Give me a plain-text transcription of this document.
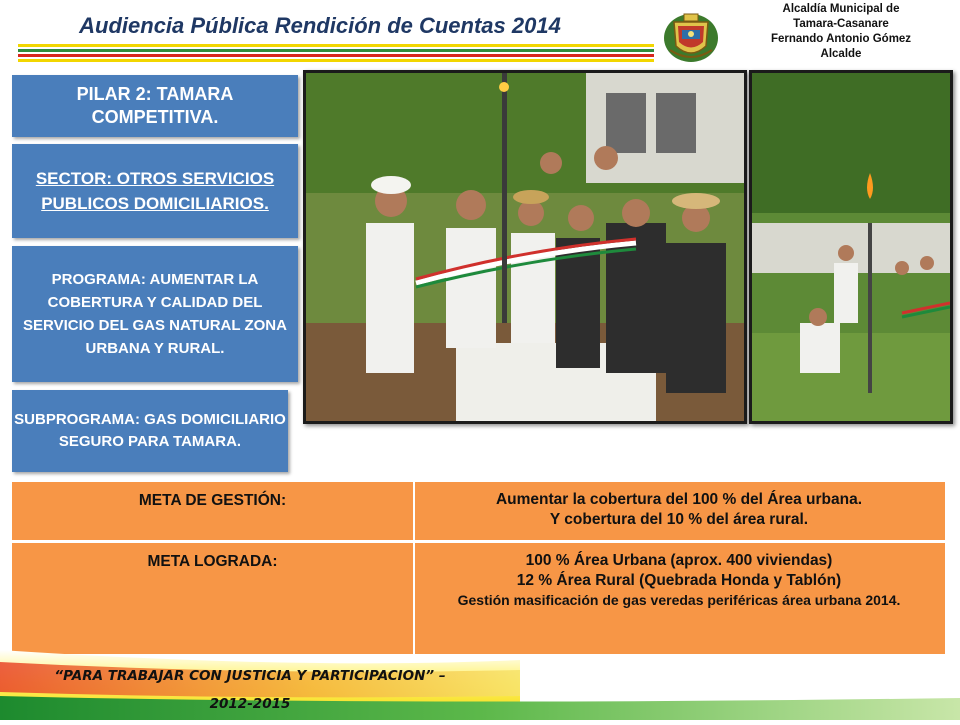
Audiencia Pública Rendición de Cuentas 2014
Alcaldía Municipal de
Tamara-Casanare
Fernando Antonio Gómez
Alcalde
PILAR 2: TAMARA COMPETITIVA.
SECTOR: OTROS SERVICIOS PUBLICOS DOMICILIARIOS.
PROGRAMA: AUMENTAR LA COBERTURA Y CALIDAD DEL SERVICIO DEL GAS NATURAL ZONA URBANA Y RURAL.
SUBPROGRAMA: GAS DOMICILIARIO SEGURO PARA TAMARA.
META DE GESTIÓN:	Aumentar la cobertura del 100 % del Área urbana.
Y cobertura del 10 % del área rural.
META LOGRADA:	100 % Área Urbana (aprox. 400 viviendas)
12 % Área Rural (Quebrada Honda y Tablón)
Gestión masificación de gas veredas periféricas área urbana 2014.
“PARA TRABAJAR CON JUSTICIA Y PARTICIPACION” –
2012-2015
